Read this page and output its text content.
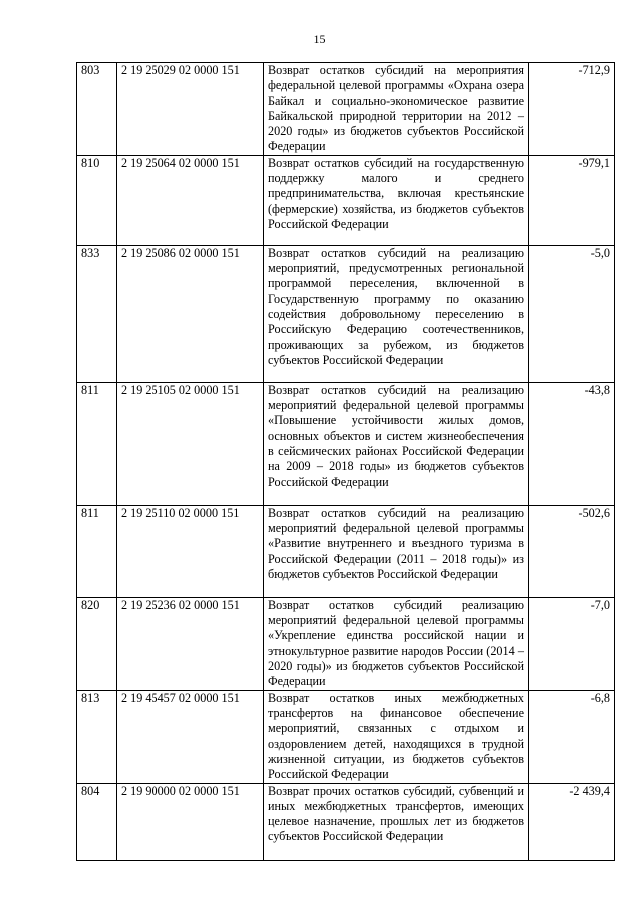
15
803	2 19 25029 02 0000 151	Возврат остатков субсидий на мероприятия федеральной целевой программы «Охрана озера Байкал и социально-экономическое развитие Байкальской природной территории на 2012 – 2020 годы» из бюджетов субъектов Российской Федерации	-712,9
810	2 19 25064 02 0000 151	Возврат остатков субсидий на государственную поддержку малого и среднего предпринимательства, включая крестьянские (фермерские) хозяйства, из бюджетов субъектов Российской Федерации	-979,1
833	2 19 25086 02 0000 151	Возврат остатков субсидий на реализацию мероприятий, предусмотренных региональной программой переселения, включенной в Государственную программу по оказанию содействия добровольному переселению в Российскую Федерацию соотечественников, проживающих за рубежом, из бюджетов субъектов Российской Федерации	-5,0
811	2 19 25105 02 0000 151	Возврат остатков субсидий на реализацию мероприятий федеральной целевой программы «Повышение устойчивости жилых домов, основных объектов и систем жизнеобеспечения в сейсмических районах Российской Федерации на 2009 – 2018 годы» из бюджетов субъектов Российской Федерации	-43,8
811	2 19 25110 02 0000 151	Возврат остатков субсидий на реализацию мероприятий федеральной целевой программы «Развитие внутреннего и въездного туризма в Российской Федерации (2011 – 2018 годы)» из бюджетов субъектов Российской Федерации	-502,6
820	2 19 25236 02 0000 151	Возврат остатков субсидий реализацию мероприятий федеральной целевой программы «Укрепление единства российской нации и этнокультурное развитие народов России (2014 – 2020 годы)» из бюджетов субъектов Российской Федерации	-7,0
813	2 19 45457 02 0000 151	Возврат остатков иных межбюджетных трансфертов на финансовое обеспечение мероприятий, связанных с отдыхом и оздоровлением детей, находящихся в трудной жизненной ситуации, из бюджетов субъектов Российской Федерации	-6,8
804	2 19 90000 02 0000 151	Возврат прочих остатков субсидий, субвенций и иных межбюджетных трансфертов, имеющих целевое назначение, прошлых лет из бюджетов субъектов Российской Федерации	-2 439,4
